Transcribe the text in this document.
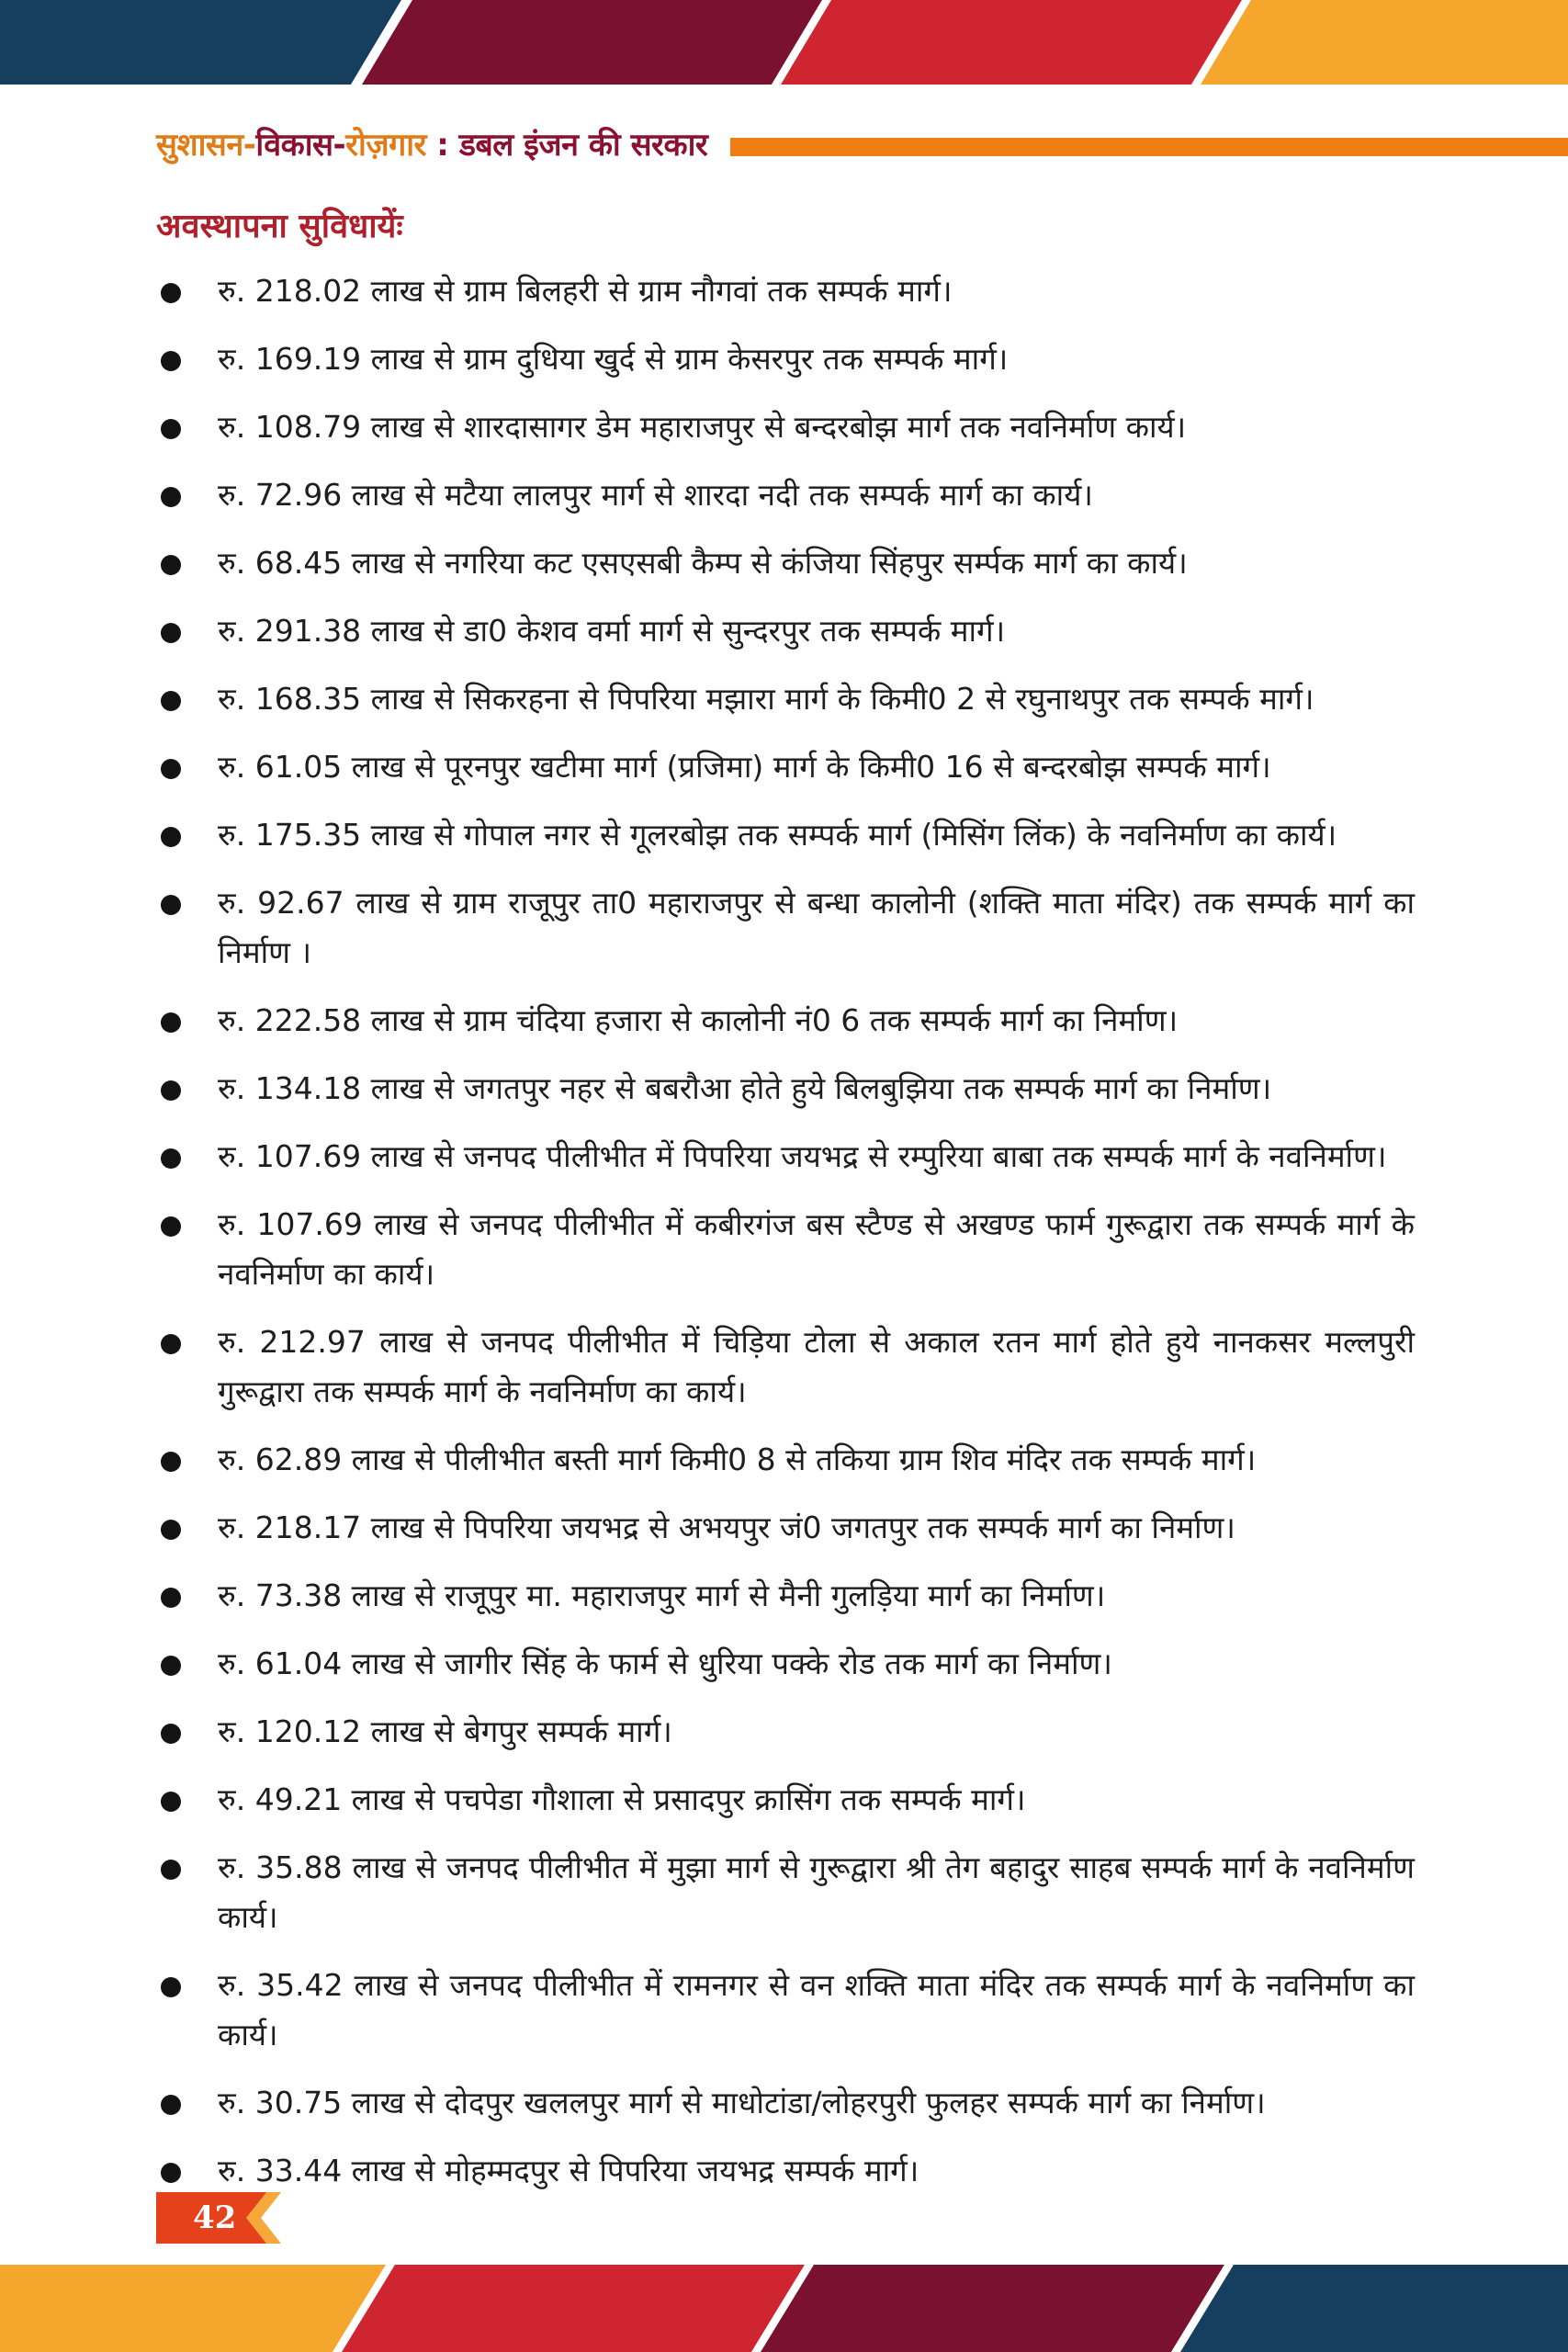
सुशासन-विकास-रोज़गार : डबल इंजन की सरकार
अवस्थापना सुविधायेंः
रु. 218.02 लाख से ग्राम बिलहरी से ग्राम नौगवां तक सम्पर्क मार्ग।
रु. 169.19 लाख से ग्राम दुधिया खुर्द से ग्राम केसरपुर तक सम्पर्क मार्ग।
रु. 108.79 लाख से शारदासागर डेम महाराजपुर से बन्दरबोझ मार्ग तक नवनिर्माण कार्य।
रु. 72.96 लाख से मटैया लालपुर मार्ग से शारदा नदी तक सम्पर्क मार्ग का कार्य।
रु. 68.45 लाख से नगरिया कट एसएसबी कैम्प से कंजिया सिंहपुर सर्म्पक मार्ग का कार्य।
रु. 291.38 लाख से डा0 केशव वर्मा मार्ग से सुन्दरपुर तक सम्पर्क मार्ग।
रु. 168.35 लाख से सिकरहना से पिपरिया मझारा मार्ग के किमी0 2 से रघुनाथपुर तक सम्पर्क मार्ग।
रु. 61.05 लाख से पूरनपुर खटीमा मार्ग (प्रजिमा) मार्ग के किमी0 16 से बन्दरबोझ सम्पर्क मार्ग।
रु. 175.35 लाख से गोपाल नगर से गूलरबोझ तक सम्पर्क मार्ग (मिसिंग लिंक) के नवनिर्माण का कार्य।
रु. 92.67 लाख से ग्राम राजूपुर ता0 महाराजपुर से बन्धा कालोनी (शक्ति माता मंदिर) तक सम्पर्क मार्ग का निर्माण ।
रु. 222.58 लाख से ग्राम चंदिया हजारा से कालोनी नं0 6 तक सम्पर्क मार्ग का निर्माण।
रु. 134.18 लाख से जगतपुर नहर से बबरौआ होते हुये बिलबुझिया तक सम्पर्क मार्ग का निर्माण।
रु. 107.69 लाख से जनपद पीलीभीत में पिपरिया जयभद्र से रम्पुरिया बाबा तक सम्पर्क मार्ग के नवनिर्माण।
रु. 107.69 लाख से जनपद पीलीभीत में कबीरगंज बस स्टैण्ड से अखण्ड फार्म गुरूद्वारा तक सम्पर्क मार्ग के नवनिर्माण का कार्य।
रु. 212.97 लाख से जनपद पीलीभीत में चिड़िया टोला से अकाल रतन मार्ग होते हुये नानकसर मल्लपुरी गुरूद्वारा तक सम्पर्क मार्ग के नवनिर्माण का कार्य।
रु. 62.89 लाख से पीलीभीत बस्ती मार्ग किमी0 8 से तकिया ग्राम शिव मंदिर तक सम्पर्क मार्ग।
रु. 218.17 लाख से पिपरिया जयभद्र से अभयपुर जं0 जगतपुर तक सम्पर्क मार्ग का निर्माण।
रु. 73.38 लाख से राजूपुर मा. महाराजपुर मार्ग से मैनी गुलड़िया मार्ग का निर्माण।
रु. 61.04 लाख से जागीर सिंह के फार्म से धुरिया पक्के रोड तक मार्ग का निर्माण।
रु. 120.12 लाख से बेगपुर सम्पर्क मार्ग।
रु. 49.21 लाख से पचपेडा गौशाला से प्रसादपुर क्रासिंग तक सम्पर्क मार्ग।
रु. 35.88 लाख से जनपद पीलीभीत में मुझा मार्ग से गुरूद्वारा श्री तेग बहादुर साहब सम्पर्क मार्ग के नवनिर्माण कार्य।
रु. 35.42 लाख से जनपद पीलीभीत में रामनगर से वन शक्ति माता मंदिर तक सम्पर्क मार्ग के नवनिर्माण का कार्य।
रु. 30.75 लाख से दोदपुर खललपुर मार्ग से माधोटांडा/लोहरपुरी फुलहर सम्पर्क मार्ग का निर्माण।
रु. 33.44 लाख से मोहम्मदपुर से पिपरिया जयभद्र सम्पर्क मार्ग।
42
